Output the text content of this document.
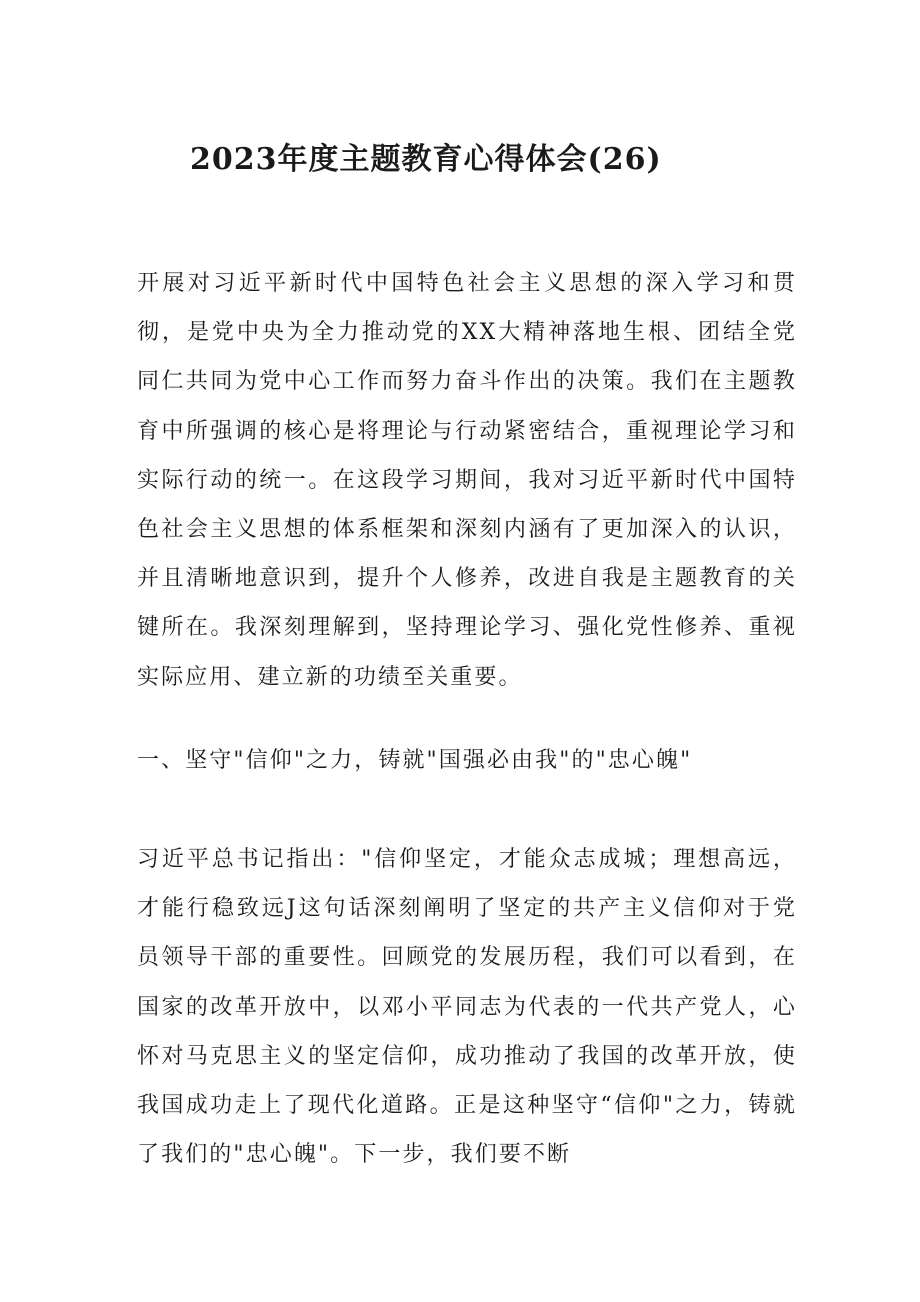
2023年度主题教育心得体会(26)

开展对习近平新时代中国特色社会主义思想的深入学习和贯彻，是党中央为全力推动党的XX大精神落地生根、团结全党同仁共同为党中心工作而努力奋斗作出的决策。我们在主题教育中所强调的核心是将理论与行动紧密结合，重视理论学习和实际行动的统一。在这段学习期间，我对习近平新时代中国特色社会主义思想的体系框架和深刻内涵有了更加深入的认识，并且清晰地意识到，提升个人修养，改进自我是主题教育的关键所在。我深刻理解到，坚持理论学习、强化党性修养、重视实际应用、建立新的功绩至关重要。

一、坚守"信仰"之力，铸就"国强必由我"的"忠心魄"

习近平总书记指出："信仰坚定，才能众志成城；理想高远，才能行稳致远J这句话深刻阐明了坚定的共产主义信仰对于党员领导干部的重要性。回顾党的发展历程，我们可以看到，在国家的改革开放中，以邓小平同志为代表的一代共产党人，心怀对马克思主义的坚定信仰，成功推动了我国的改革开放，使我国成功走上了现代化道路。正是这种坚守“信仰"之力，铸就了我们的"忠心魄"。下一步，我们要不断
